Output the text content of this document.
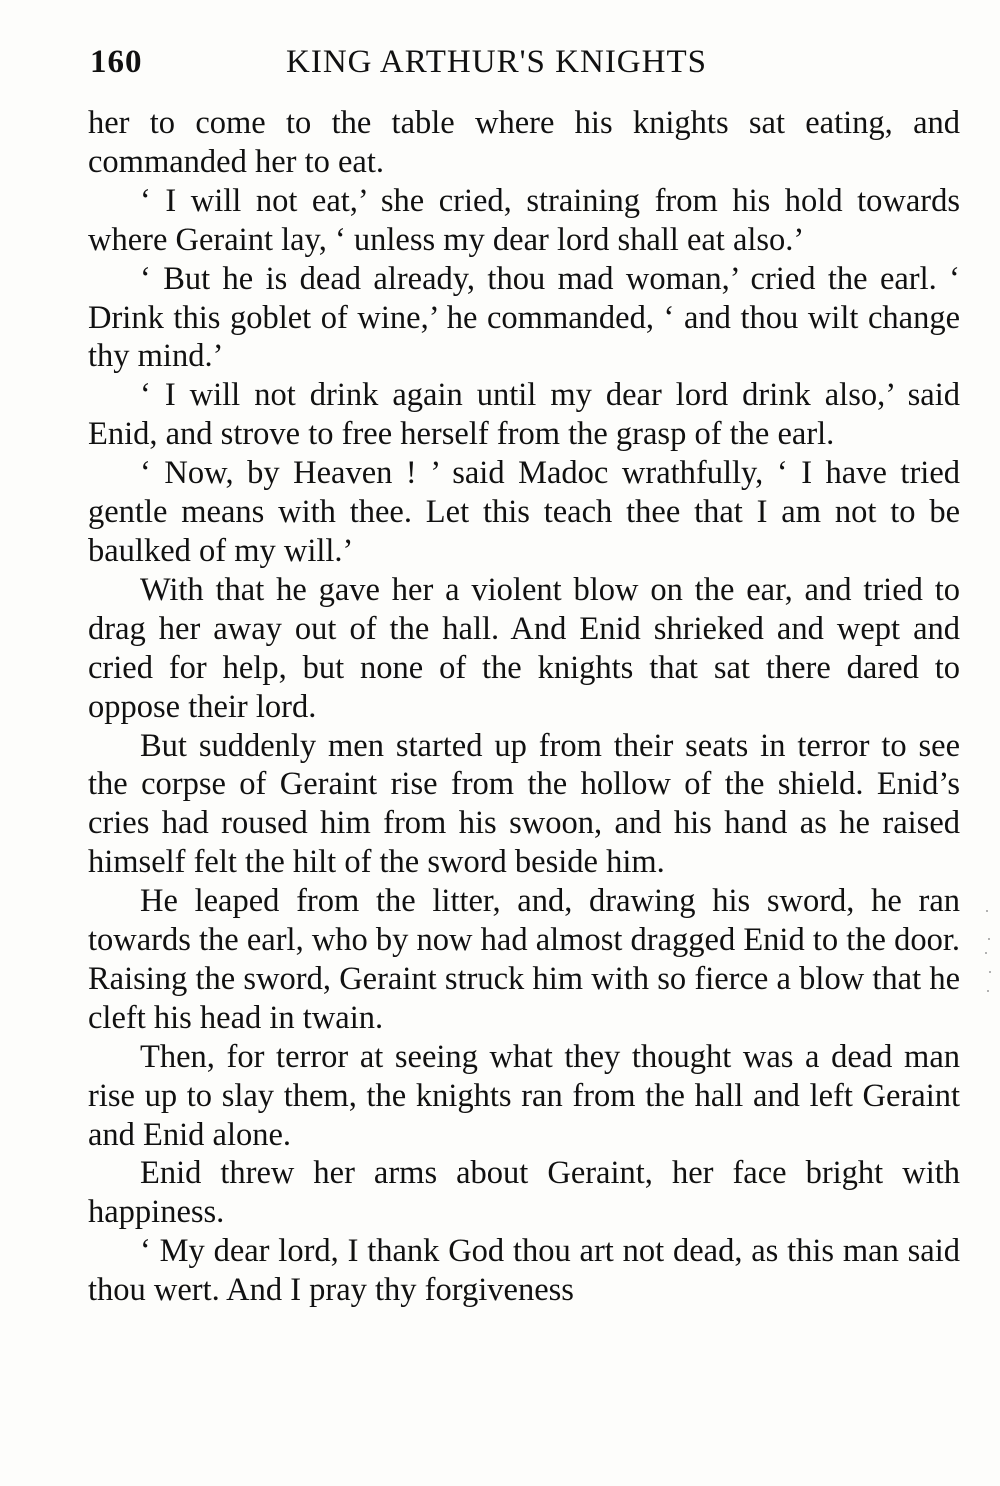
160	KING ARTHUR'S KNIGHTS

her to come to the table where his knights sat eating, and commanded her to eat.

‘ I will not eat,’ she cried, straining from his hold towards where Geraint lay, ‘ unless my dear lord shall eat also.’

‘ But he is dead already, thou mad woman,’ cried the earl. ‘ Drink this goblet of wine,’ he commanded, ‘ and thou wilt change thy mind.’

‘ I will not drink again until my dear lord drink also,’ said Enid, and strove to free herself from the grasp of the earl.

‘ Now, by Heaven ! ’ said Madoc wrathfully, ‘ I have tried gentle means with thee. Let this teach thee that I am not to be baulked of my will.’

With that he gave her a violent blow on the ear, and tried to drag her away out of the hall. And Enid shrieked and wept and cried for help, but none of the knights that sat there dared to oppose their lord.

But suddenly men started up from their seats in terror to see the corpse of Geraint rise from the hollow of the shield. Enid’s cries had roused him from his swoon, and his hand as he raised himself felt the hilt of the sword beside him.

He leaped from the litter, and, drawing his sword, he ran towards the earl, who by now had almost dragged Enid to the door. Raising the sword, Geraint struck him with so fierce a blow that he cleft his head in twain.

Then, for terror at seeing what they thought was a dead man rise up to slay them, the knights ran from the hall and left Geraint and Enid alone.

Enid threw her arms about Geraint, her face bright with happiness.

‘ My dear lord, I thank God thou art not dead, as this man said thou wert. And I pray thy forgiveness
